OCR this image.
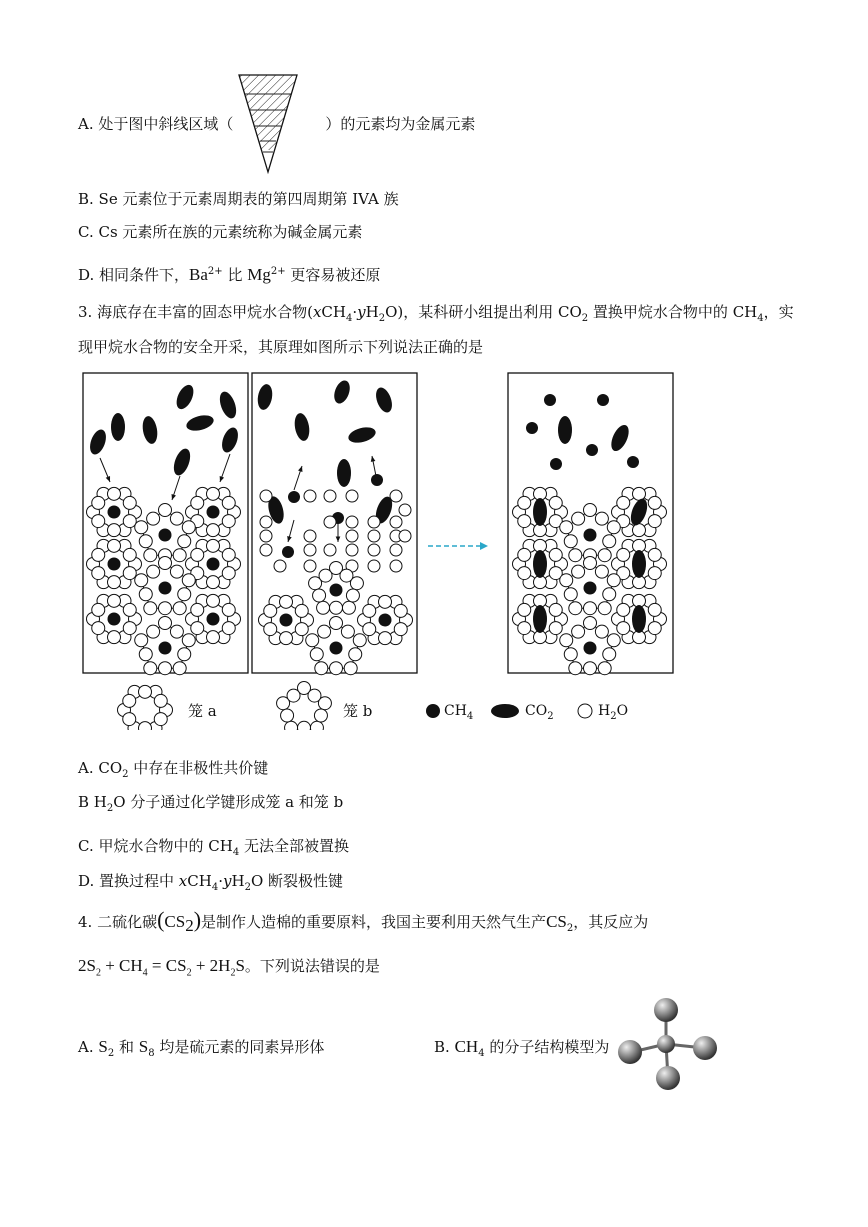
A. 处于图中斜线区域（	）的元素均为金属元素
B. Se 元素位于元素周期表的第四周期第 IVA 族
C. Cs 元素所在族的元素统称为碱金属元素
D. 相同条件下，$Ba^{2+}$ 比 $Mg^{2+}$ 更容易被还原
3. 海底存在丰富的固态甲烷水合物$(xCH_4\cdot yH_2O)$，某科研小组提出利用 $CO_2$ 置换甲烷水合物中的 $CH_4$，实
现甲烷水合物的安全开采，其原理如图所示下列说法正确的是
笼 a	笼 b	$CH_4$	$CO_2$	$H_2O$
A. $CO_2$ 中存在非极性共价键
B $H_2O$ 分子通过化学键形成笼 a 和笼 b
C. 甲烷水合物中的 $CH_4$ 无法全部被置换
D. 置换过程中 $xCH_4\cdot yH_2O$ 断裂极性键
4. 二硫化碳$(CS_2)$是制作人造棉的重要原料，我国主要利用天然气生产$CS_2$，其反应为
$2S_2 + CH_4 = CS_2 + 2H_2S$。下列说法错误的是
A. $S_2$ 和 $S_8$ 均是硫元素的同素异形体	B. $CH_4$ 的分子结构模型为
